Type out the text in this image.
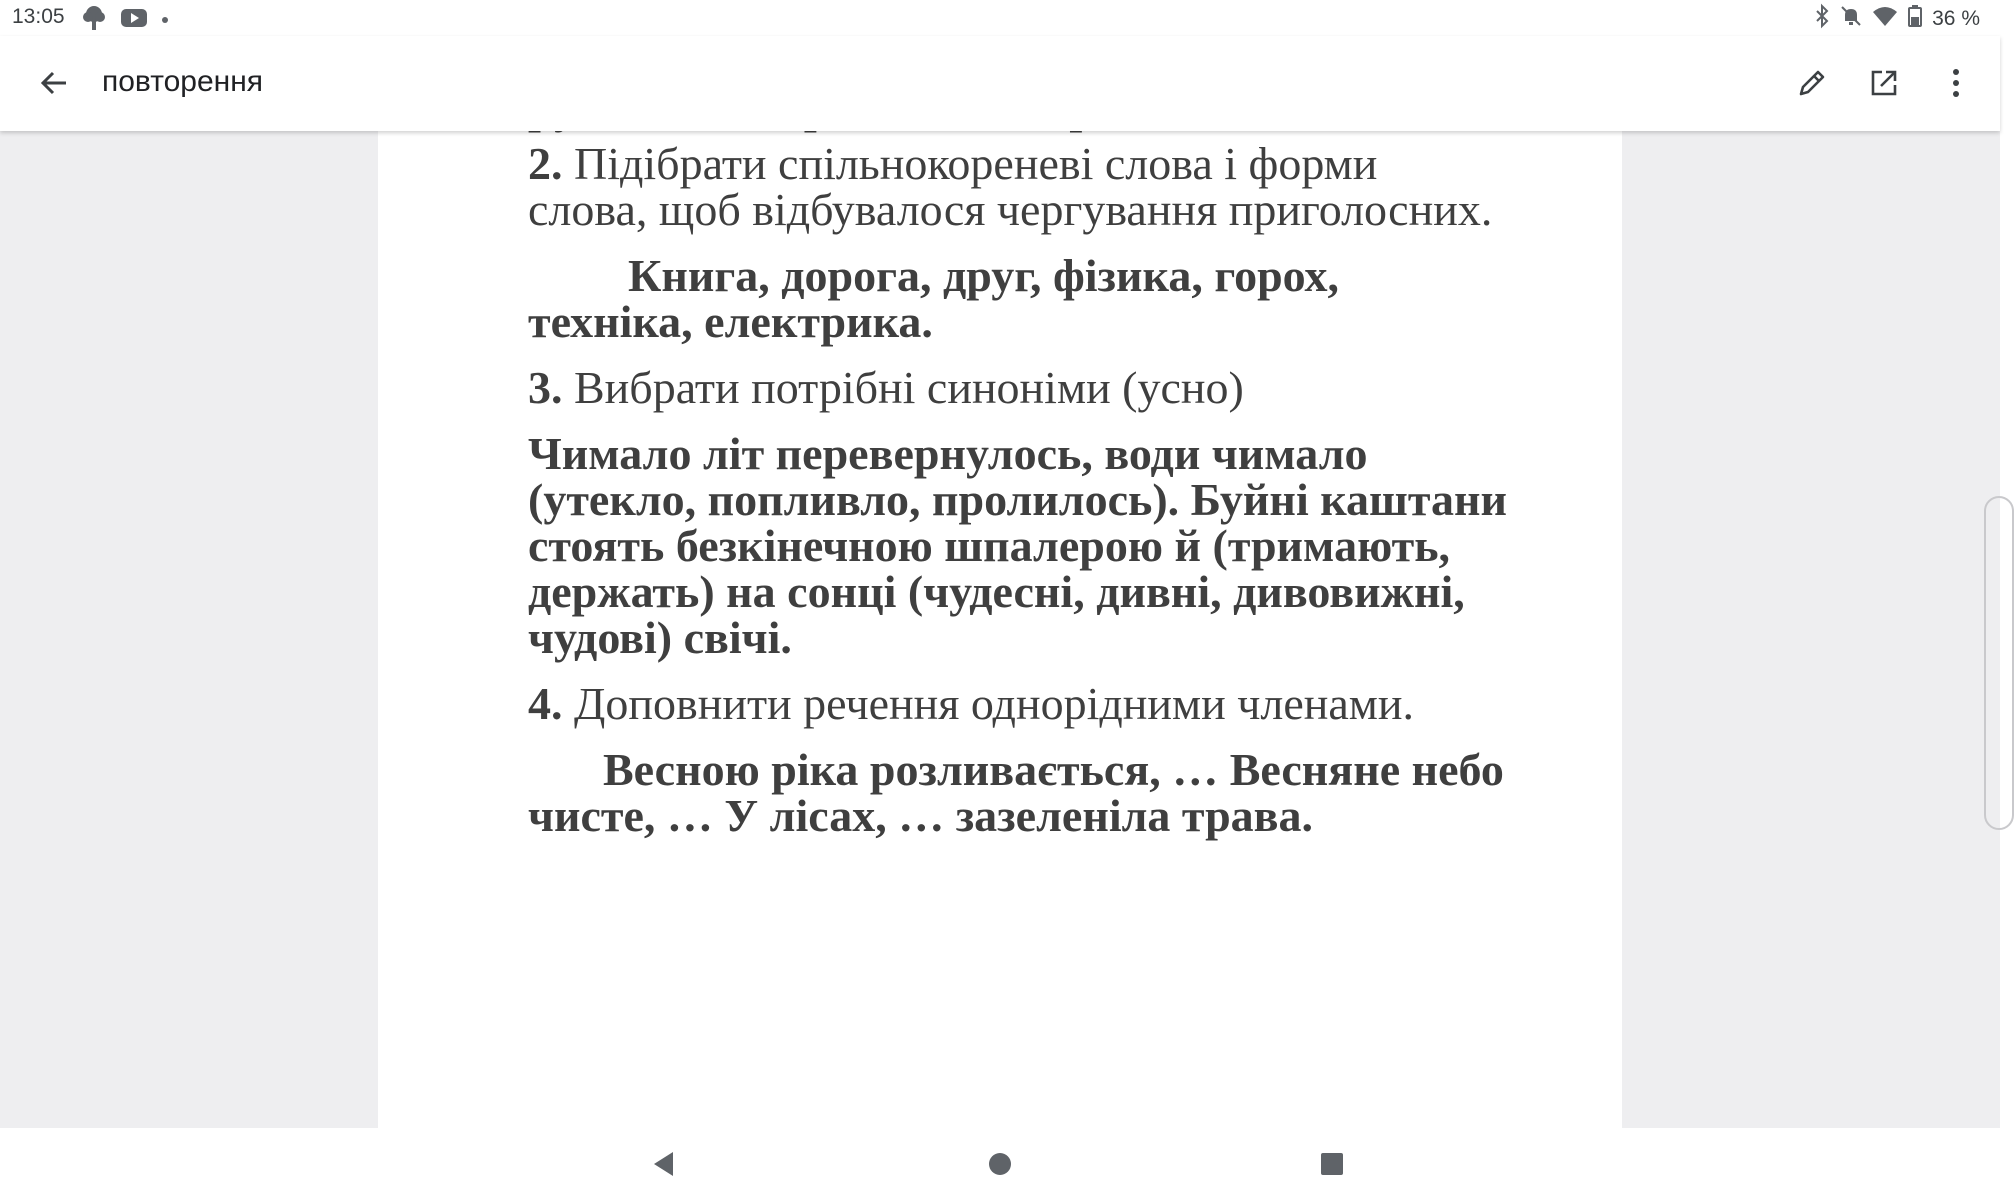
13:05	36 %
повторення

2. Підібрати спільнокореневі слова і форми слова, щоб відбувалося чергування приголосних.

Книга, дорога, друг, фізика, горох, техніка, електрика.

3. Вибрати потрібні синоніми (усно)

Чимало літ перевернулось, води чимало (утекло, попливло, пролилось). Буйні каштани стоять безкінечною шпалерою й (тримають, держать) на сонці (чудесні, дивні, дивовижні, чудові) свічі.

4. Доповнити речення однорідними членами.

Весною ріка розливається, … Весняне небо чисте, … У лісах, … зазеленіла трава.
